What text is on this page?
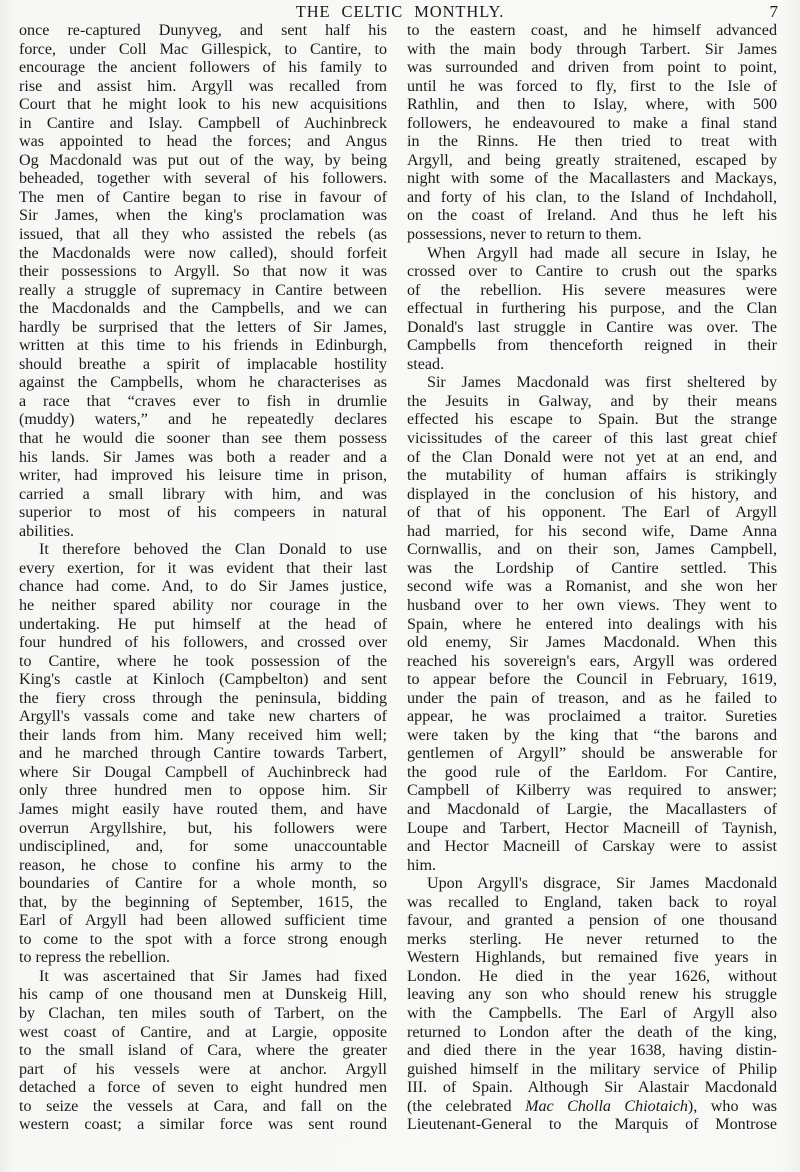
THE CELTIC MONTHLY.	7
once re-captured Dunyveg, and sent half his
force, under Coll Mac Gillespick, to Cantire, to
encourage the ancient followers of his family to
rise and assist him. Argyll was recalled from
Court that he might look to his new acquisitions
in Cantire and Islay. Campbell of Auchinbreck
was appointed to head the forces; and Angus
Og Macdonald was put out of the way, by being
beheaded, together with several of his followers.
The men of Cantire began to rise in favour of
Sir James, when the king's proclamation was
issued, that all they who assisted the rebels (as
the Macdonalds were now called), should forfeit
their possessions to Argyll. So that now it was
really a struggle of supremacy in Cantire between
the Macdonalds and the Campbells, and we can
hardly be surprised that the letters of Sir James,
written at this time to his friends in Edinburgh,
should breathe a spirit of implacable hostility
against the Campbells, whom he characterises as
a race that “craves ever to fish in drumlie
(muddy) waters,” and he repeatedly declares
that he would die sooner than see them possess
his lands. Sir James was both a reader and a
writer, had improved his leisure time in prison,
carried a small library with him, and was
superior to most of his compeers in natural
abilities.
It therefore behoved the Clan Donald to use
every exertion, for it was evident that their last
chance had come. And, to do Sir James justice,
he neither spared ability nor courage in the
undertaking. He put himself at the head of
four hundred of his followers, and crossed over
to Cantire, where he took possession of the
King's castle at Kinloch (Campbelton) and sent
the fiery cross through the peninsula, bidding
Argyll's vassals come and take new charters of
their lands from him. Many received him well;
and he marched through Cantire towards Tarbert,
where Sir Dougal Campbell of Auchinbreck had
only three hundred men to oppose him. Sir
James might easily have routed them, and have
overrun Argyllshire, but, his followers were
undisciplined, and, for some unaccountable
reason, he chose to confine his army to the
boundaries of Cantire for a whole month, so
that, by the beginning of September, 1615, the
Earl of Argyll had been allowed sufficient time
to come to the spot with a force strong enough
to repress the rebellion.
It was ascertained that Sir James had fixed
his camp of one thousand men at Dunskeig Hill,
by Clachan, ten miles south of Tarbert, on the
west coast of Cantire, and at Largie, opposite
to the small island of Cara, where the greater
part of his vessels were at anchor. Argyll
detached a force of seven to eight hundred men
to seize the vessels at Cara, and fall on the
western coast; a similar force was sent round
to the eastern coast, and he himself advanced
with the main body through Tarbert. Sir James
was surrounded and driven from point to point,
until he was forced to fly, first to the Isle of
Rathlin, and then to Islay, where, with 500
followers, he endeavoured to make a final stand
in the Rinns. He then tried to treat with
Argyll, and being greatly straitened, escaped by
night with some of the Macallasters and Mackays,
and forty of his clan, to the Island of Inchdaholl,
on the coast of Ireland. And thus he left his
possessions, never to return to them.
When Argyll had made all secure in Islay, he
crossed over to Cantire to crush out the sparks
of the rebellion. His severe measures were
effectual in furthering his purpose, and the Clan
Donald's last struggle in Cantire was over. The
Campbells from thenceforth reigned in their
stead.
Sir James Macdonald was first sheltered by
the Jesuits in Galway, and by their means
effected his escape to Spain. But the strange
vicissitudes of the career of this last great chief
of the Clan Donald were not yet at an end, and
the mutability of human affairs is strikingly
displayed in the conclusion of his history, and
of that of his opponent. The Earl of Argyll
had married, for his second wife, Dame Anna
Cornwallis, and on their son, James Campbell,
was the Lordship of Cantire settled. This
second wife was a Romanist, and she won her
husband over to her own views. They went to
Spain, where he entered into dealings with his
old enemy, Sir James Macdonald. When this
reached his sovereign's ears, Argyll was ordered
to appear before the Council in February, 1619,
under the pain of treason, and as he failed to
appear, he was proclaimed a traitor. Sureties
were taken by the king that “the barons and
gentlemen of Argyll” should be answerable for
the good rule of the Earldom. For Cantire,
Campbell of Kilberry was required to answer;
and Macdonald of Largie, the Macallasters of
Loupe and Tarbert, Hector Macneill of Taynish,
and Hector Macneill of Carskay were to assist
him.
Upon Argyll's disgrace, Sir James Macdonald
was recalled to England, taken back to royal
favour, and granted a pension of one thousand
merks sterling. He never returned to the
Western Highlands, but remained five years in
London. He died in the year 1626, without
leaving any son who should renew his struggle
with the Campbells. The Earl of Argyll also
returned to London after the death of the king,
and died there in the year 1638, having distin-
guished himself in the military service of Philip
III. of Spain. Although Sir Alastair Macdonald
(the celebrated Mac Cholla Chiotaich), who was
Lieutenant-General to the Marquis of Montrose
